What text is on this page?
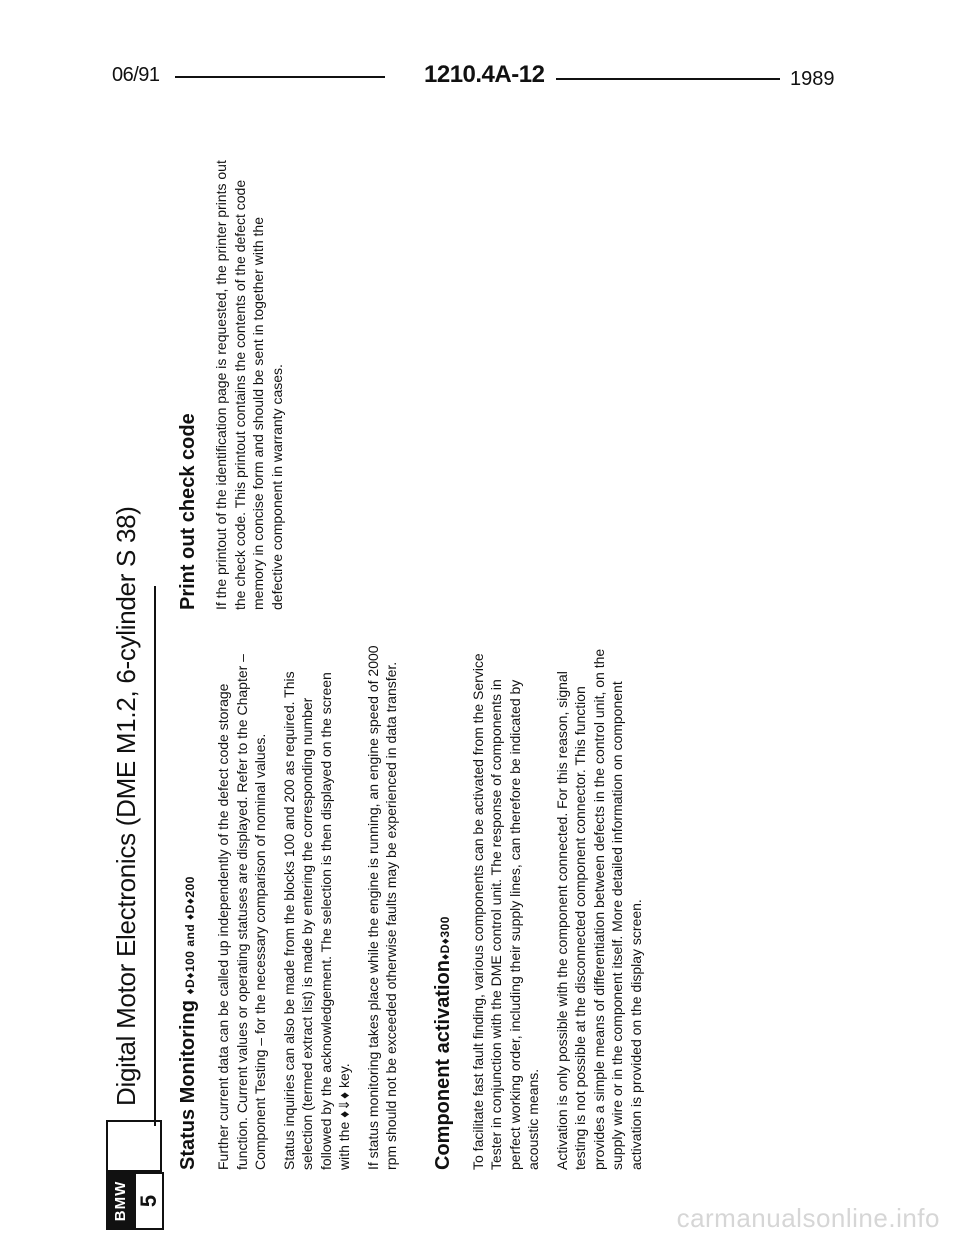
06/91	1210.4A-12	1989
BMW 5
Digital Motor Electronics (DME M1.2, 6-cylinder S 38) Status Monitoring ♦D♦100 and ♦D♦200	Further current data can be called up independently of the defect code storage function. Current values or operating statuses are displayed. Refer to the Chapter – Component Testing – for the necessary comparison of nominal values. Status inquiries can also be made from the blocks 100 and 200 as required. This selection (termed extract list) is made by entering the corresponding number followed by the acknowledgement. The selection is then displayed on the screen with the ♦⇓♦ key. If status monitoring takes place while the engine is running, an engine speed of 2000 rpm should not be exceeded otherwise faults may be experienced in data transfer. Component activation♦D♦300	To facilitate fast fault finding, various components can be activated from the Service Tester in conjunction with the DME control unit. The response of components in perfect working order, including their supply lines, can therefore be indicated by acoustic means. Activation is only possible with the component connected. For this reason, signal testing is not possible at the disconnected component connector. This function provides a simple means of differentiation between defects in the control unit, on the supply wire or in the component itself. More detailed information on component activation is provided on the display screen.

Print out check code If the printout of the identification page is requested, the printer prints out the check code. This printout contains the contents of the defect code memory in concise form and should be sent in together with the defective component in warranty cases.

carmanualsonline.info
